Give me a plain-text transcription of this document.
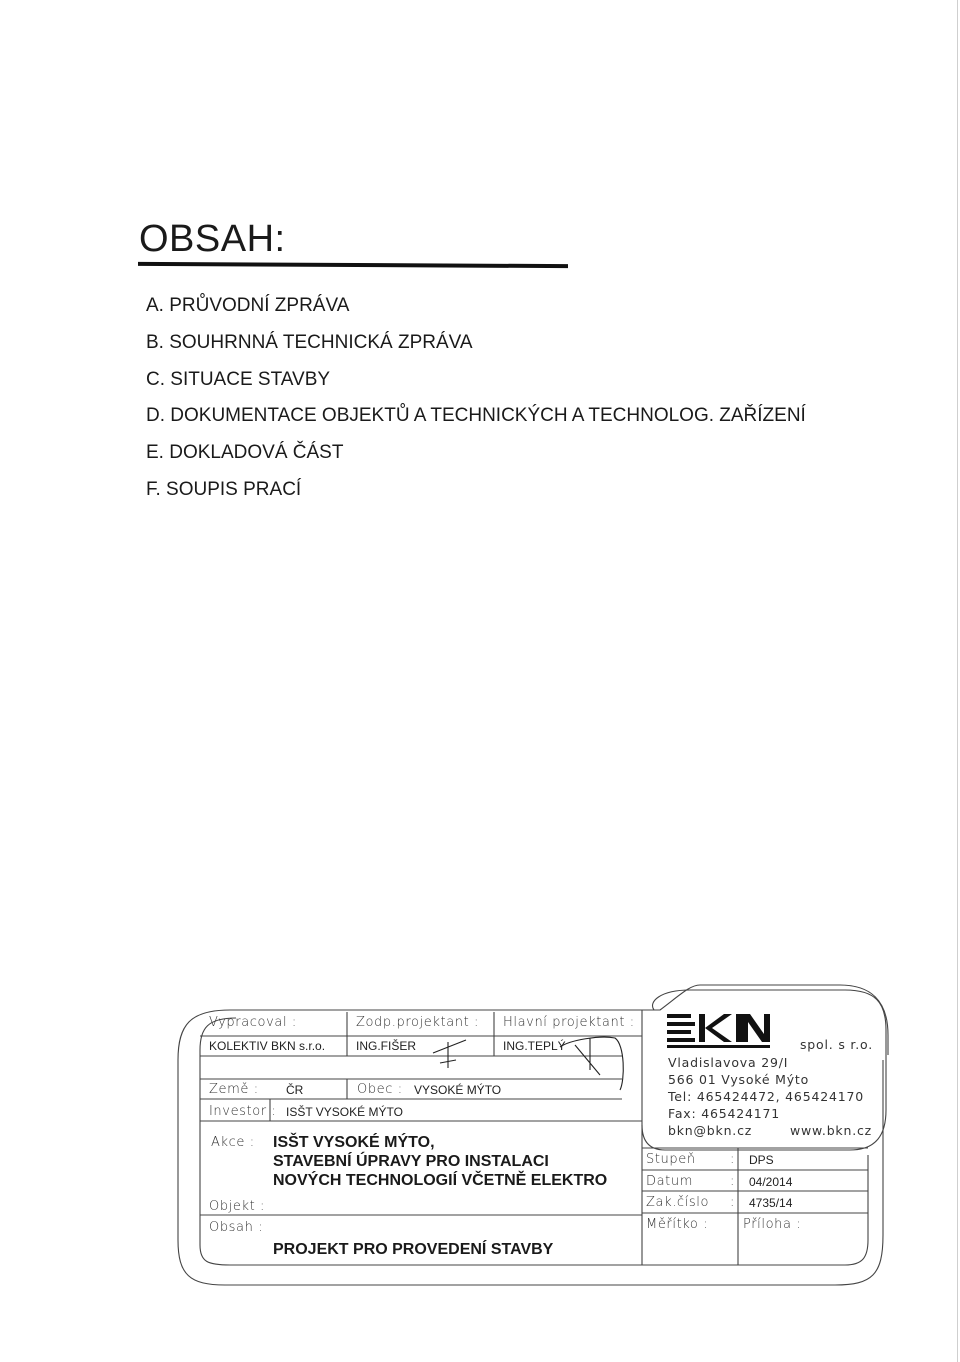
OBSAH:
A. PRŮVODNÍ ZPRÁVA
B. SOUHRNNÁ TECHNICKÁ ZPRÁVA
C. SITUACE STAVBY
D. DOKUMENTACE OBJEKTŮ A TECHNICKÝCH A TECHNOLOG. ZAŘÍZENÍ
E. DOKLADOVÁ ČÁST
F. SOUPIS PRACÍ
Vypracoval :
KOLEKTIV BKN s.r.o.
Zodp.projektant :
ING.FIŠER
Hlavní projektant :
ING.TEPLÝ
Země : ČR	Obec : VYSOKÉ MÝTO
Investor : ISŠT VYSOKÉ MÝTO
Akce : ISŠT VYSOKÉ MÝTO,
STAVEBNÍ ÚPRAVY PRO INSTALACI
NOVÝCH TECHNOLOGIÍ VČETNĚ ELEKTRO
Objekt :
Obsah :
PROJEKT PRO PROVEDENÍ STAVBY
spol. s r.o.
Vladislavova 29/I
566 01 Vysoké Mýto
Tel: 465424472, 465424170
Fax: 465424171
bkn@bkn.cz	www.bkn.cz
Stupeň	: DPS
Datum	: 04/2014
Zak.číslo : 4735/14
Měřítko :	Příloha :
